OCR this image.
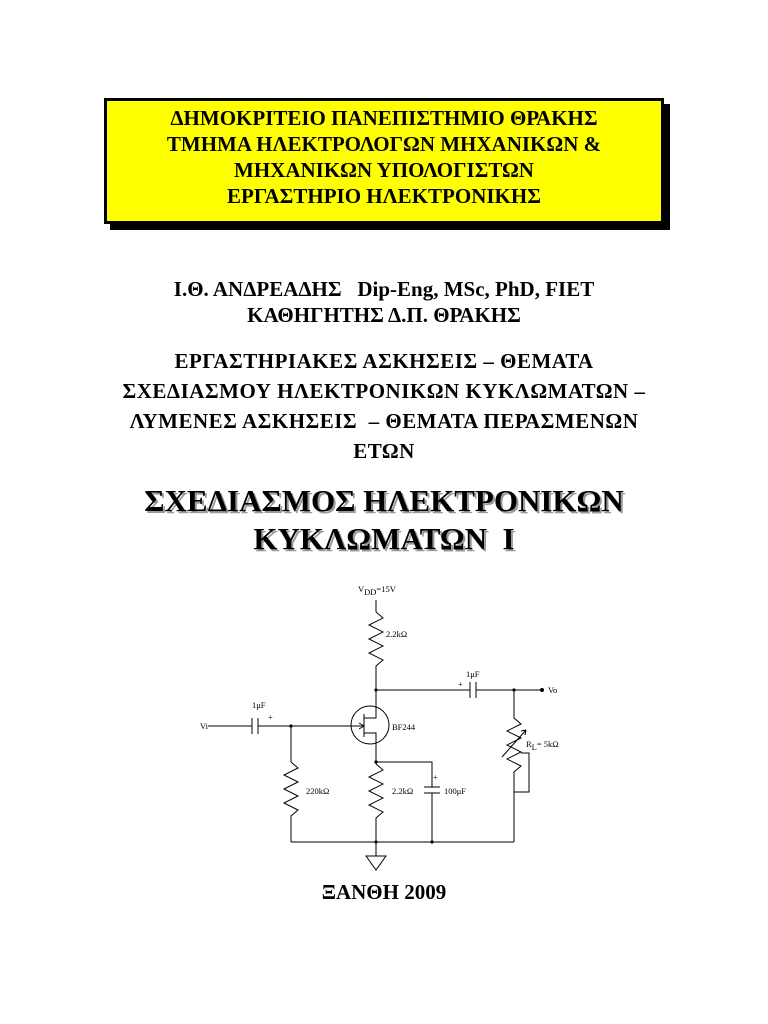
ΔΗΜΟΚΡΙΤΕΙΟ ΠΑΝΕΠΙΣΤΗΜΙΟ ΘΡΑΚΗΣ
ΤΜΗΜΑ ΗΛΕΚΤΡΟΛΟΓΩΝ ΜΗΧΑΝΙΚΩΝ &
ΜΗΧΑΝΙΚΩΝ ΥΠΟΛΟΓΙΣΤΩΝ
ΕΡΓΑΣΤΗΡΙΟ ΗΛΕΚΤΡΟΝΙΚΗΣ
Ι.Θ. ΑΝΔΡΕΑΔΗΣ   Dip-Eng, MSc, PhD, FIET
ΚΑΘΗΓΗΤΗΣ Δ.Π. ΘΡΑΚΗΣ
ΕΡΓΑΣΤΗΡΙΑΚΕΣ ΑΣΚΗΣΕΙΣ – ΘΕΜΑΤΑ
ΣΧΕΔΙΑΣΜΟΥ ΗΛΕΚΤΡΟΝΙΚΩΝ ΚΥΚΛΩΜΑΤΩΝ –
ΛΥΜΕΝΕΣ ΑΣΚΗΣΕΙΣ  – ΘΕΜΑΤΑ ΠΕΡΑΣΜΕΝΩΝ
ΕΤΩΝ
ΣΧΕΔΙΑΣΜΟΣ ΗΛΕΚΤΡΟΝΙΚΩΝ
ΚΥΚΛΩΜΑΤΩΝ  Ι
VDD=15V
2.2kΩ
1μF
+
Vo
1μF
+
Vi	BF244
RL= 5kΩ
+
220kΩ	2.2kΩ	100μF
ΞΑΝΘΗ 2009
